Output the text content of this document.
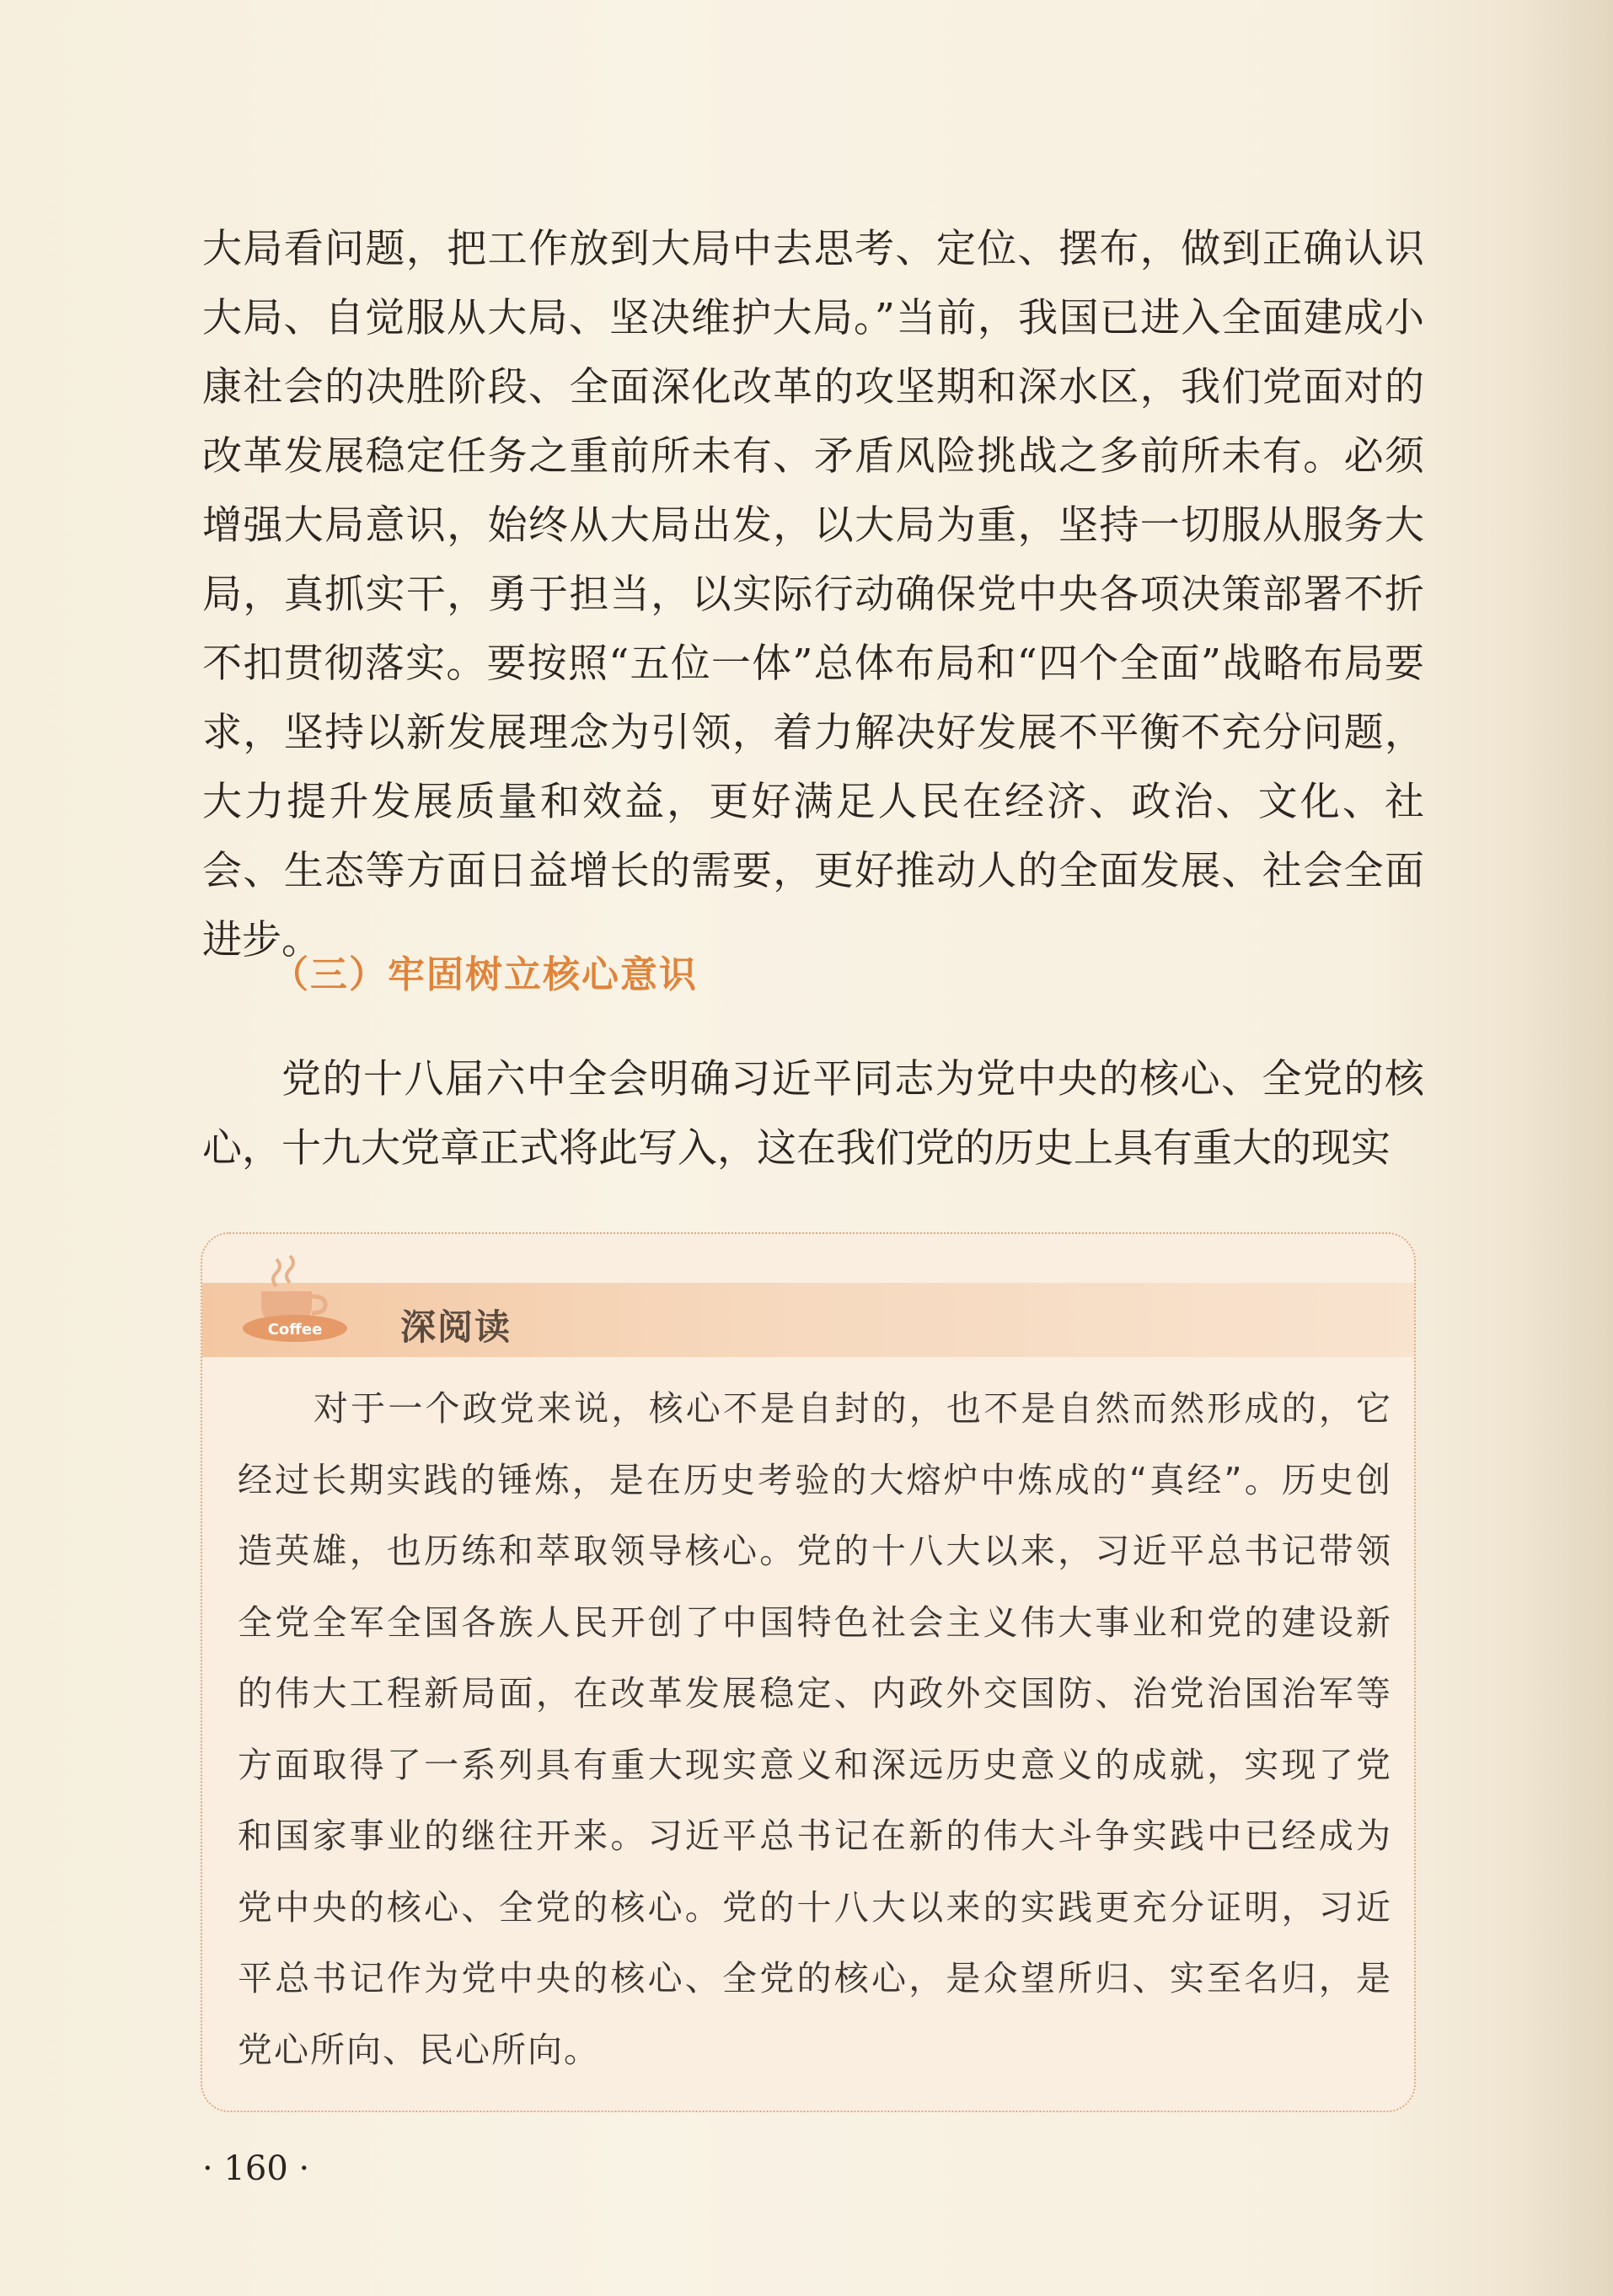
大局看问题，把工作放到大局中去思考、定位、摆布，做到正确认识大局、自觉服从大局、坚决维护大局。”当前，我国已进入全面建成小康社会的决胜阶段、全面深化改革的攻坚期和深水区，我们党面对的改革发展稳定任务之重前所未有、矛盾风险挑战之多前所未有。必须增强大局意识，始终从大局出发，以大局为重，坚持一切服从服务大局，真抓实干，勇于担当，以实际行动确保党中央各项决策部署不折不扣贯彻落实。要按照“五位一体”总体布局和“四个全面”战略布局要求，坚持以新发展理念为引领，着力解决好发展不平衡不充分问题，大力提升发展质量和效益，更好满足人民在经济、政治、文化、社会、生态等方面日益增长的需要，更好推动人的全面发展、社会全面进步。

（三）牢固树立核心意识

党的十八届六中全会明确习近平同志为党中央的核心、全党的核心，十九大党章正式将此写入，这在我们党的历史上具有重大的现实

Coffee 深阅读

对于一个政党来说，核心不是自封的，也不是自然而然形成的，它经过长期实践的锤炼，是在历史考验的大熔炉中炼成的“真经”。历史创造英雄，也历练和萃取领导核心。党的十八大以来，习近平总书记带领全党全军全国各族人民开创了中国特色社会主义伟大事业和党的建设新的伟大工程新局面，在改革发展稳定、内政外交国防、治党治国治军等方面取得了一系列具有重大现实意义和深远历史意义的成就，实现了党和国家事业的继往开来。习近平总书记在新的伟大斗争实践中已经成为党中央的核心、全党的核心。党的十八大以来的实践更充分证明，习近平总书记作为党中央的核心、全党的核心，是众望所归、实至名归，是党心所向、民心所向。

· 160 ·
